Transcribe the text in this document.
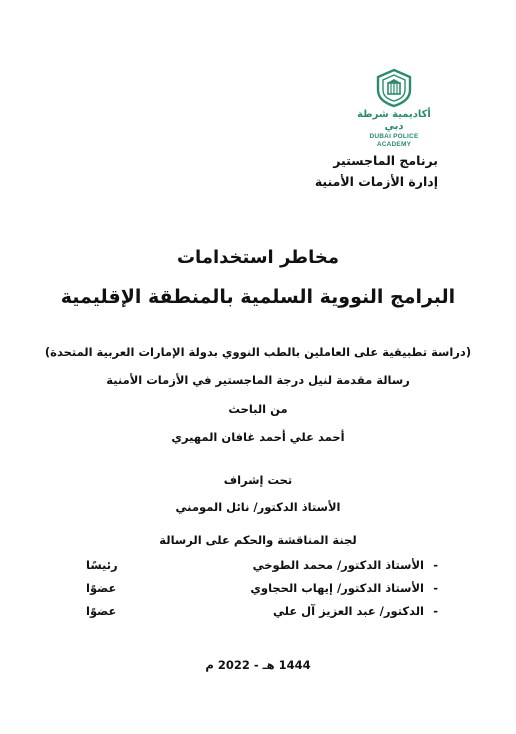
أكاديمية شرطة دبي
DUBAI POLICE ACADEMY
برنامج الماجستير
إدارة الأزمات الأمنية
مخاطر استخدامات
البرامج النووية السلمية بالمنطقة الإقليمية
(دراسة تطبيقية على العاملين بالطب النووي بدولة الإمارات العربية المتحدة)
رسالة مقدمة لنيل درجة الماجستير في الأزمات الأمنية
من الباحث
أحمد علي أحمد غافان المهيري
تحت إشراف
الأستاذ الدكتور/ نائل المومني
لجنة المناقشة والحكم على الرسالة
-
الأستاذ الدكتور/ محمد الطوخي
رئيسًا
-
الأستاذ الدكتور/ إيهاب الحجاوي
عضوًا
-
الدكتور/ عبد العزيز آل علي
عضوًا
1444 هـ - 2022 م
